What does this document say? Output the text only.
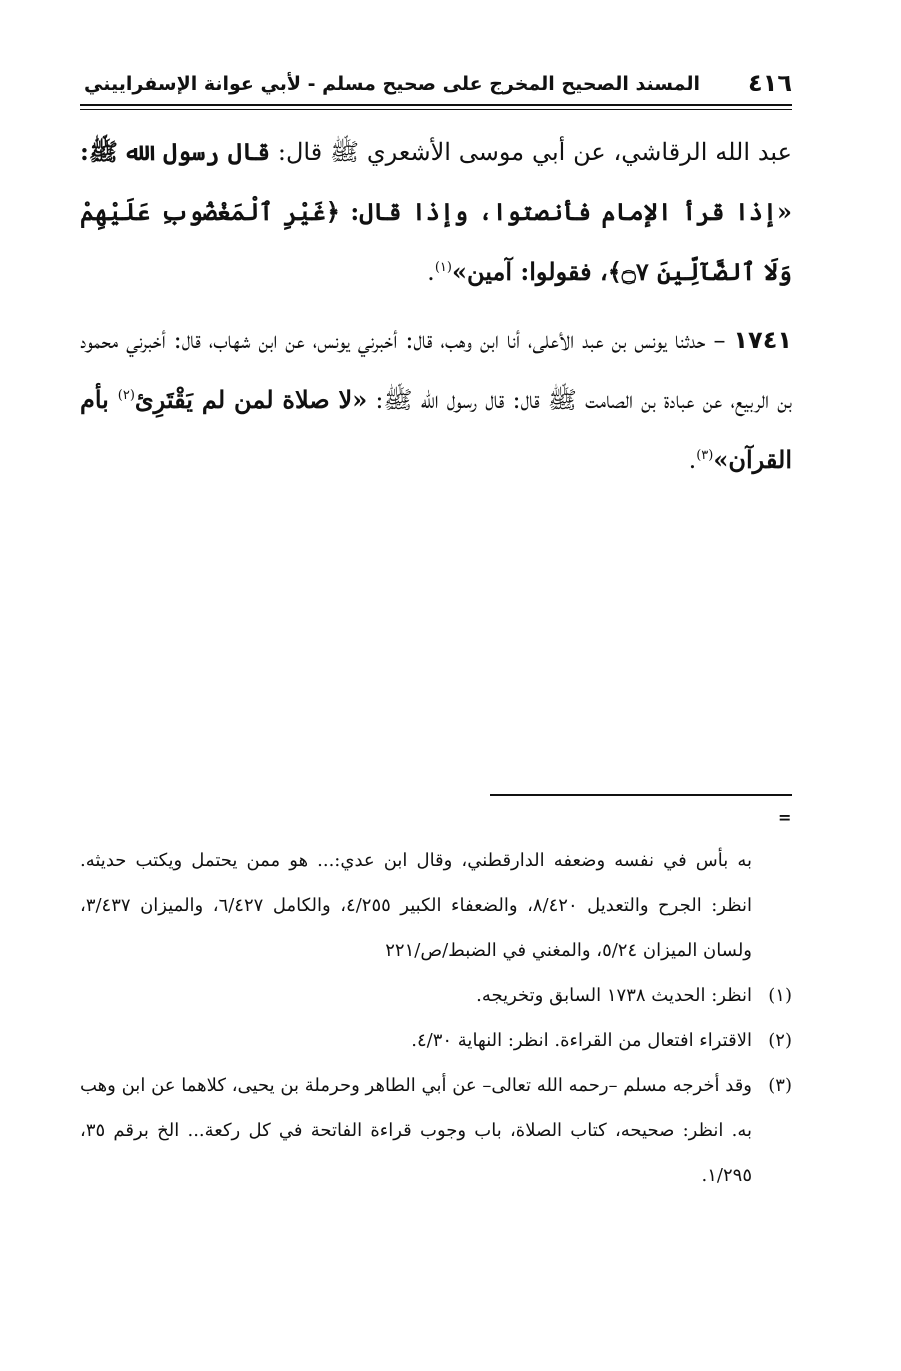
٤١٦
المسند الصحيح المخرج على صحيح مسلم - لأبي عوانة الإسفراييني

عبد الله الرقاشي، عن أبي موسى الأشعري ﷺ قال: قال رسول الله ﷺ: «إذا قرأ الإمام فأنصتوا، وإذا قال: ﴿غَيْرِ ٱلْمَغْضُوبِ عَلَيْهِمْ وَلَا ٱلضَّآلِّينَ ۝٧﴾، فقولوا: آمين»$^{(١)}$.

١٧٤١ – حدثنا يونس بن عبد الأعلى، أنا ابن وهب، قال: أخبرني يونس، عن ابن شهاب، قال: أخبرني محمود بن الربيع، عن عبادة بن الصامت ﷺ قال: قال رسول الله ﷺ: «لا صلاة لمن لم يَقْتَرِئ$^{(٢)}$ بأم القرآن»$^{(٣)}$.

=

به بأس في نفسه وضعفه الدارقطني، وقال ابن عدي:... هو ممن يحتمل ويكتب حديثه. انظر: الجرح والتعديل ٨/٤٢٠، والضعفاء الكبير ٤/٢٥٥، والكامل ٦/٤٢٧، والميزان ٣/٤٣٧، ولسان الميزان ٥/٢٤، والمغني في الضبط/ص/٢٢١

(١)
انظر: الحديث ١٧٣٨ السابق وتخريجه.
(٢)
الاقتراء افتعال من القراءة. انظر: النهاية ٤/٣٠.
(٣)
وقد أخرجه مسلم –رحمه الله تعالى– عن أبي الطاهر وحرملة بن يحيى، كلاهما عن ابن وهب به. انظر: صحيحه، كتاب الصلاة، باب وجوب قراءة الفاتحة في كل ركعة... الخ برقم ٣٥، ١/٢٩٥.
